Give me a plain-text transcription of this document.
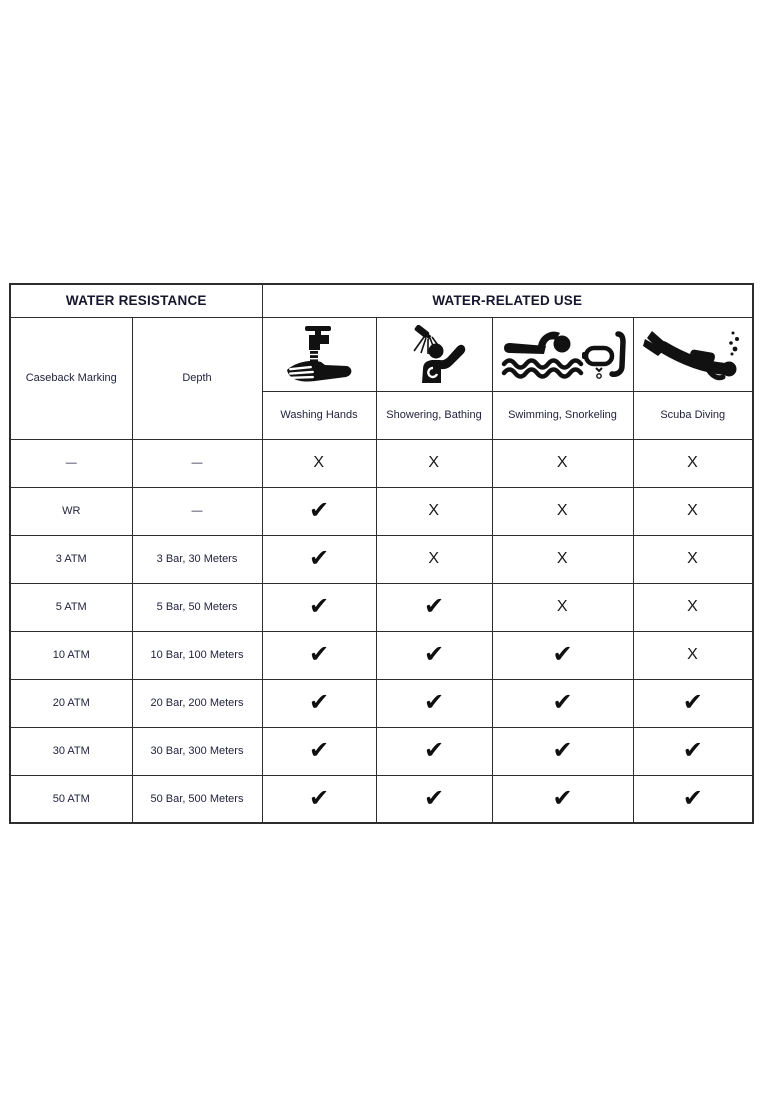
WATER RESISTANCE		WATER-RELATED USE			
Caseback Marking	Depth	

		Washing Hands	Showering, Bathing	Swimming, Snorkeling	Scuba Diving
—	—	X	X	X	X
WR	—	✔	X	X	X
3 ATM	3 Bar, 30 Meters	✔	X	X	X
5 ATM	5 Bar, 50 Meters	✔	✔	X	X
10 ATM	10 Bar, 100 Meters	✔	✔	✔	X
20 ATM	20 Bar, 200 Meters	✔	✔	✔	✔
30 ATM	30 Bar, 300 Meters	✔	✔	✔	✔
50 ATM	50 Bar, 500 Meters	✔	✔	✔	✔
